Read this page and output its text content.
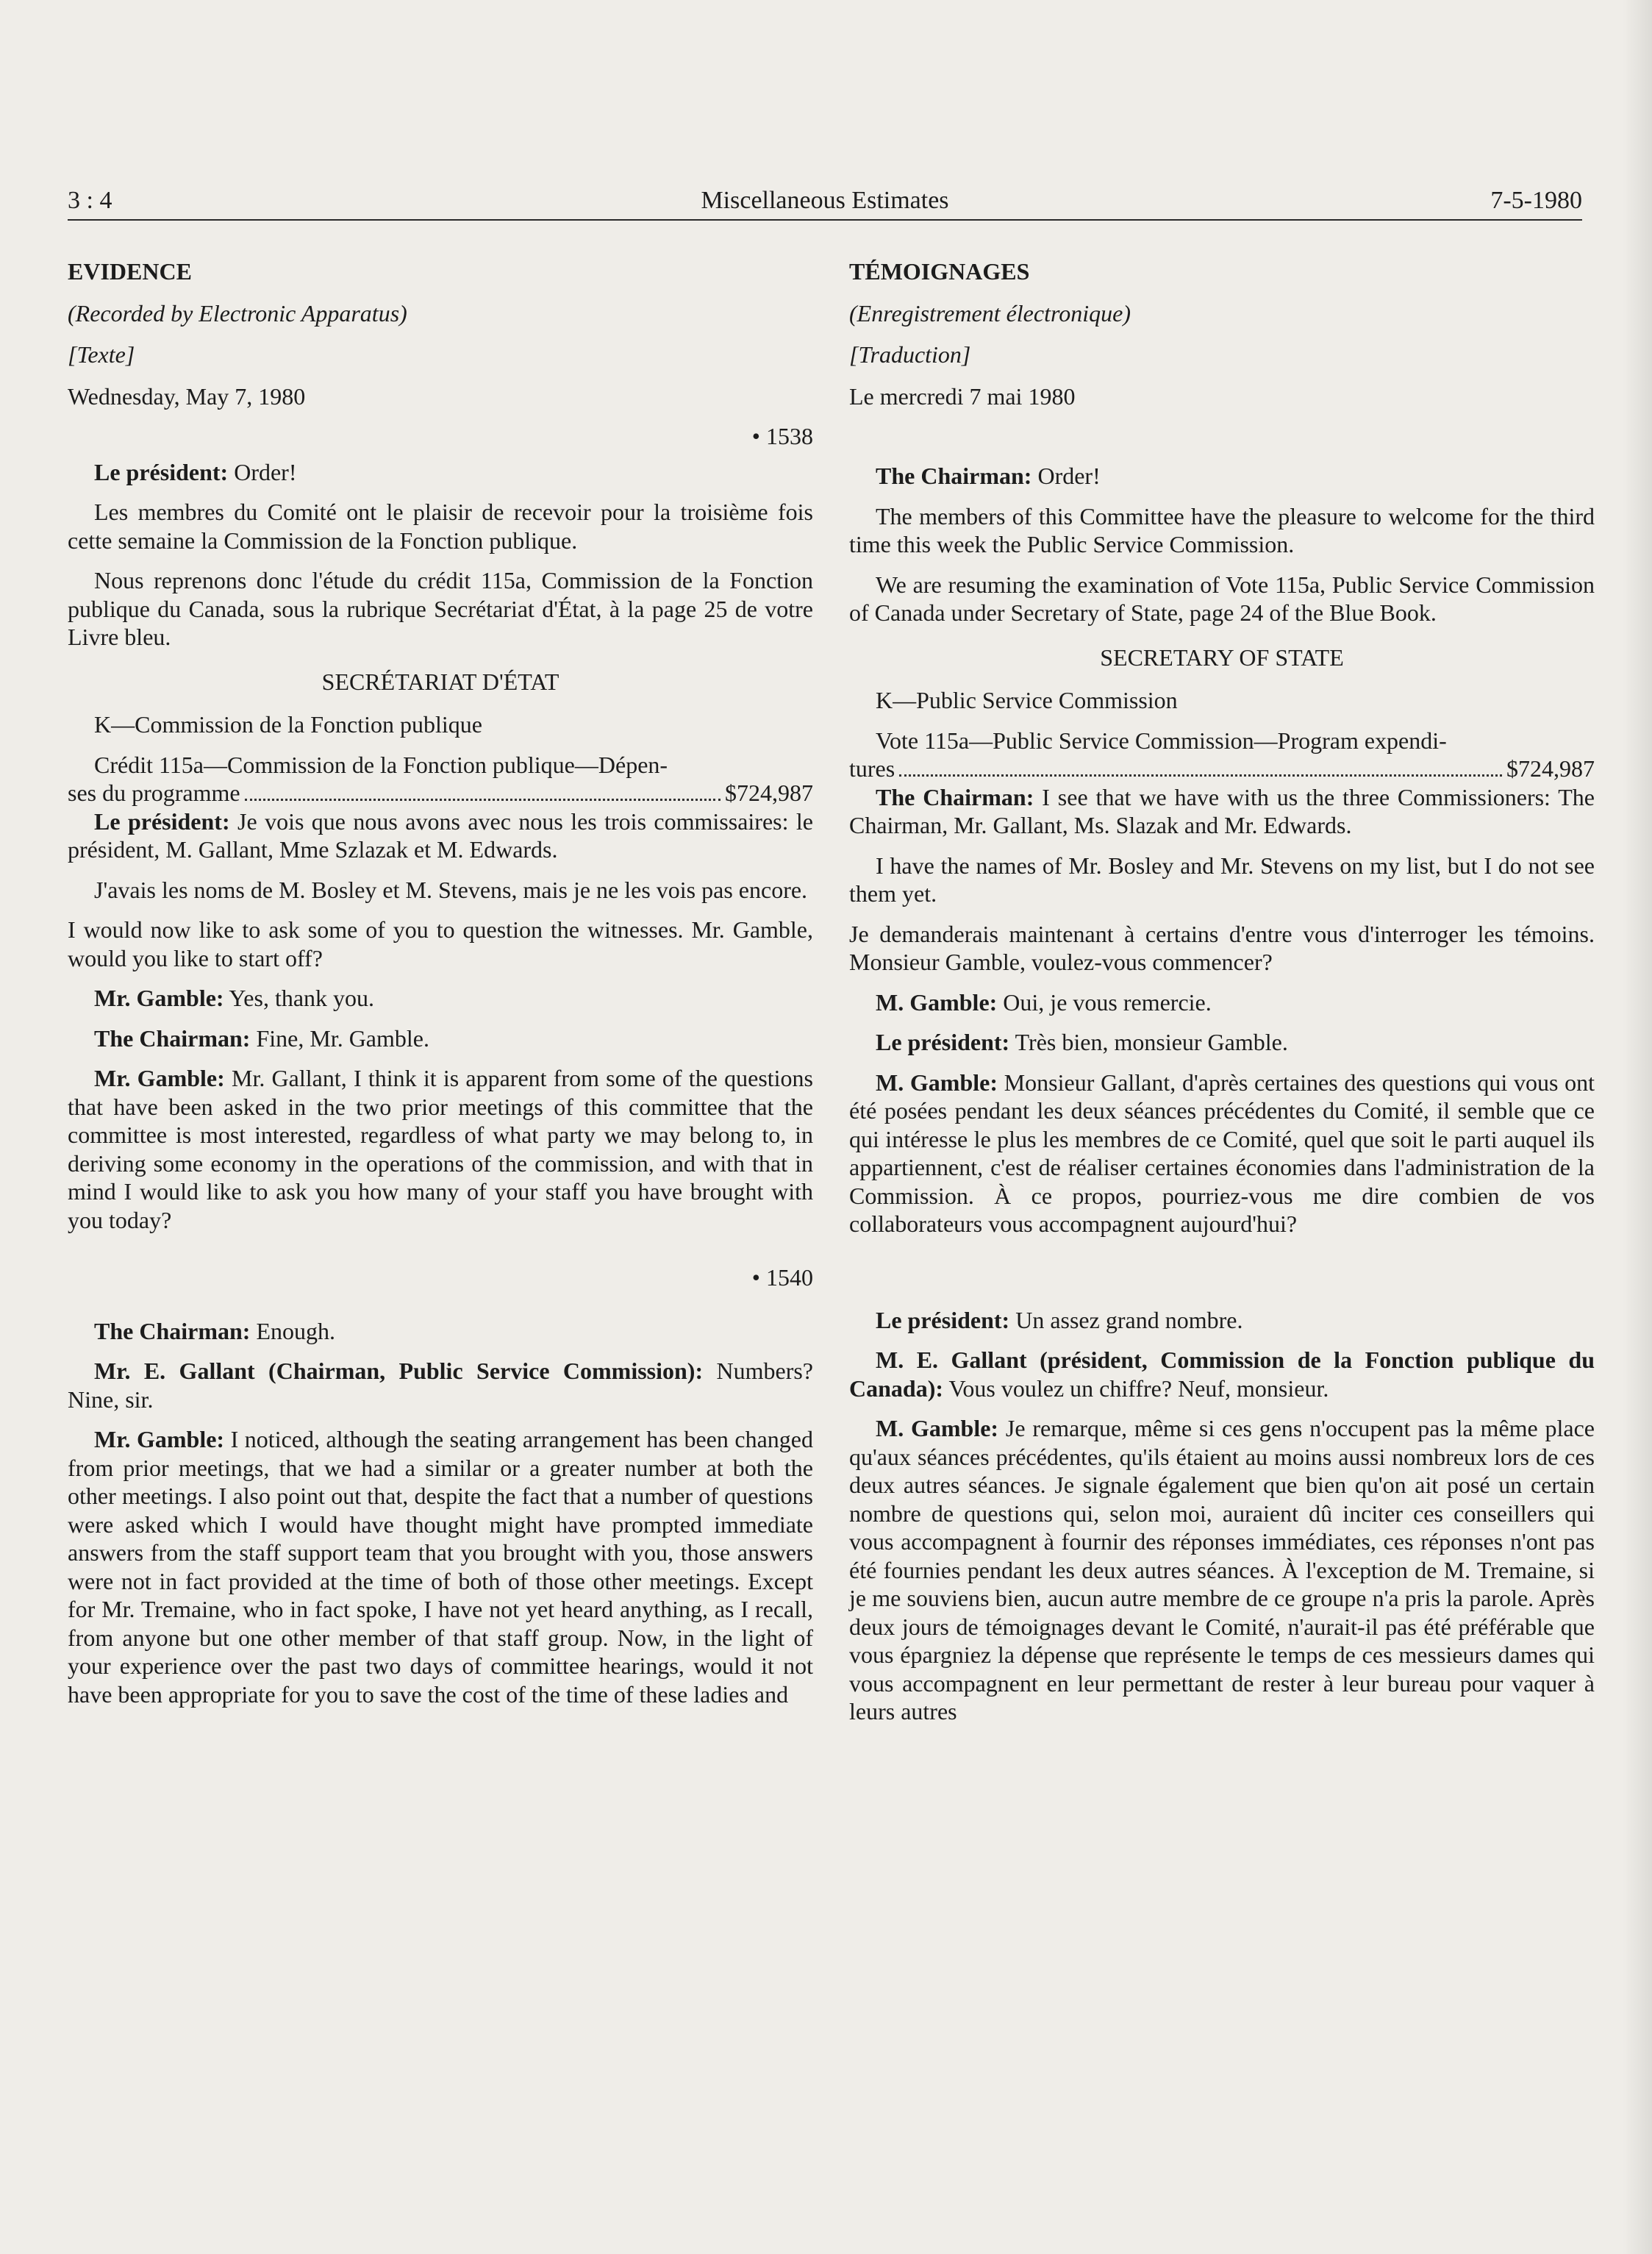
3 : 4	Miscellaneous Estimates	7-5-1980
EVIDENCE
(Recorded by Electronic Apparatus)
[Texte]

Wednesday, May 7, 1980

• 1538

Le président: Order!

Les membres du Comité ont le plaisir de recevoir pour la troisième fois cette semaine la Commission de la Fonction publique.

Nous reprenons donc l'étude du crédit 115a, Commission de la Fonction publique du Canada, sous la rubrique Secrétariat d'État, à la page 25 de votre Livre bleu.

SECRÉTARIAT D'ÉTAT

K—Commission de la Fonction publique

Crédit 115a—Commission de la Fonction publique—Dépen-
ses du programme	$724,987

Le président: Je vois que nous avons avec nous les trois commissaires: le président, M. Gallant, Mme Szlazak et M. Edwards.

J'avais les noms de M. Bosley et M. Stevens, mais je ne les vois pas encore.

I would now like to ask some of you to question the witnesses. Mr. Gamble, would you like to start off?

Mr. Gamble: Yes, thank you.

The Chairman: Fine, Mr. Gamble.

Mr. Gamble: Mr. Gallant, I think it is apparent from some of the questions that have been asked in the two prior meetings of this committee that the committee is most interested, regardless of what party we may belong to, in deriving some economy in the operations of the commission, and with that in mind I would like to ask you how many of your staff you have brought with you today?

• 1540

The Chairman: Enough.

Mr. E. Gallant (Chairman, Public Service Commission): Numbers? Nine, sir.

Mr. Gamble: I noticed, although the seating arrangement has been changed from prior meetings, that we had a similar or a greater number at both the other meetings. I also point out that, despite the fact that a number of questions were asked which I would have thought might have prompted immediate answers from the staff support team that you brought with you, those answers were not in fact provided at the time of both of those other meetings. Except for Mr. Tremaine, who in fact spoke, I have not yet heard anything, as I recall, from anyone but one other member of that staff group. Now, in the light of your experience over the past two days of committee hearings, would it not have been appropriate for you to save the cost of the time of these ladies and

TÉMOIGNAGES
(Enregistrement électronique)
[Traduction]

Le mercredi 7 mai 1980

The Chairman: Order!

The members of this Committee have the pleasure to welcome for the third time this week the Public Service Commission.

We are resuming the examination of Vote 115a, Public Service Commission of Canada under Secretary of State, page 24 of the Blue Book.

SECRETARY OF STATE

K—Public Service Commission

Vote 115a—Public Service Commission—Program expendi-
tures	$724,987

The Chairman: I see that we have with us the three Commissioners: The Chairman, Mr. Gallant, Ms. Slazak and Mr. Edwards.

I have the names of Mr. Bosley and Mr. Stevens on my list, but I do not see them yet.

Je demanderais maintenant à certains d'entre vous d'interroger les témoins. Monsieur Gamble, voulez-vous commencer?

M. Gamble: Oui, je vous remercie.

Le président: Très bien, monsieur Gamble.

M. Gamble: Monsieur Gallant, d'après certaines des questions qui vous ont été posées pendant les deux séances précédentes du Comité, il semble que ce qui intéresse le plus les membres de ce Comité, quel que soit le parti auquel ils appartiennent, c'est de réaliser certaines économies dans l'administration de la Commission. À ce propos, pourriez-vous me dire combien de vos collaborateurs vous accompagnent aujourd'hui?

Le président: Un assez grand nombre.

M. E. Gallant (président, Commission de la Fonction publique du Canada): Vous voulez un chiffre? Neuf, monsieur.

M. Gamble: Je remarque, même si ces gens n'occupent pas la même place qu'aux séances précédentes, qu'ils étaient au moins aussi nombreux lors de ces deux autres séances. Je signale également que bien qu'on ait posé un certain nombre de questions qui, selon moi, auraient dû inciter ces conseillers qui vous accompagnent à fournir des réponses immédiates, ces réponses n'ont pas été fournies pendant les deux autres séances. À l'exception de M. Tremaine, si je me souviens bien, aucun autre membre de ce groupe n'a pris la parole. Après deux jours de témoignages devant le Comité, n'aurait-il pas été préférable que vous épargniez la dépense que représente le temps de ces messieurs dames qui vous accompagnent en leur permettant de rester à leur bureau pour vaquer à leurs autres
